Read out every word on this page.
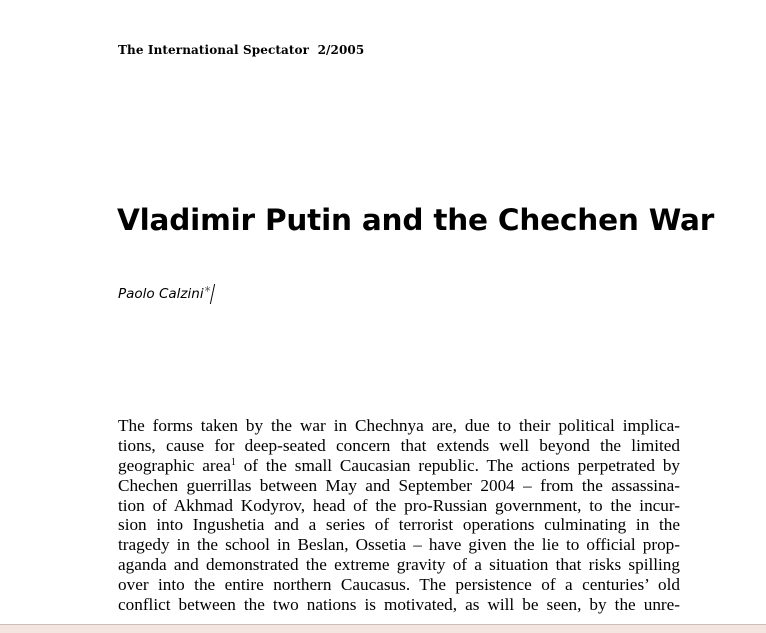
The International Spectator  2/2005
Vladimir Putin and the Chechen War
Paolo Calzini*
The forms taken by the war in Chechnya are, due to their political implica-
tions, cause for deep-seated concern that extends well beyond the limited
geographic area$^1$ of the small Caucasian republic. The actions perpetrated by
Chechen guerrillas between May and September 2004 – from the assassina-
tion of Akhmad Kodyrov, head of the pro-Russian government, to the incur-
sion into Ingushetia and a series of terrorist operations culminating in the
tragedy in the school in Beslan, Ossetia – have given the lie to official prop-
aganda and demonstrated the extreme gravity of a situation that risks spilling
over into the entire northern Caucasus. The persistence of a centuries’ old
conflict between the two nations is motivated, as will be seen, by the unre-
